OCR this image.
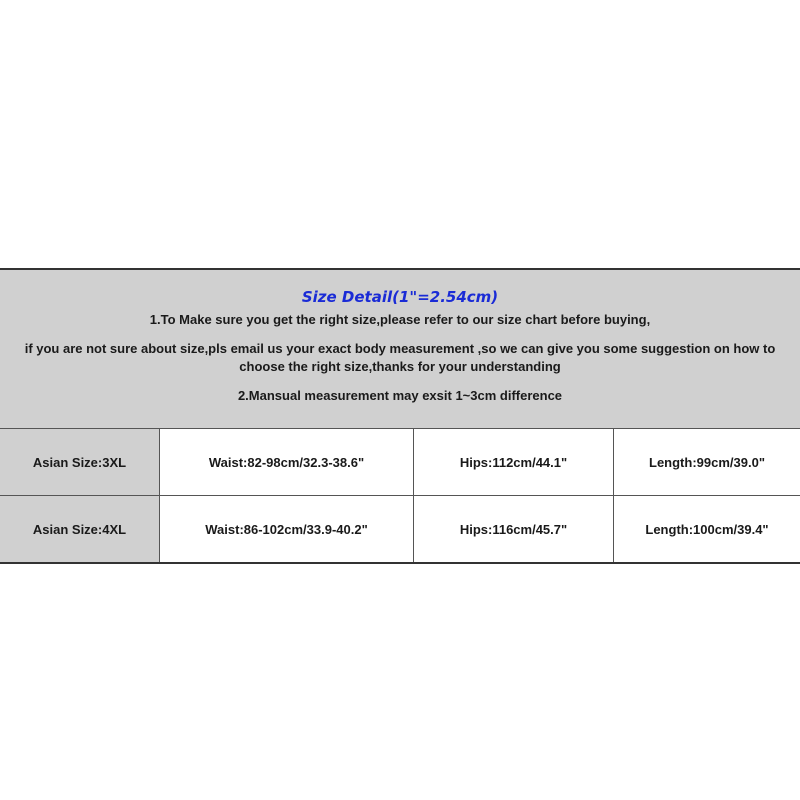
Size Detail(1"=2.54cm)
1.To Make sure you get the right size,please refer to our size chart before buying,
if you are not sure about size,pls email us your exact body measurement ,so we can give you some suggestion on how to choose the right size,thanks for your understanding
2.Mansual measurement may exsit 1~3cm difference
Asian Size:3XL	Waist:82-98cm/32.3-38.6"	Hips:112cm/44.1"	Length:99cm/39.0"
Asian Size:4XL	Waist:86-102cm/33.9-40.2"	Hips:116cm/45.7"	Length:100cm/39.4"
